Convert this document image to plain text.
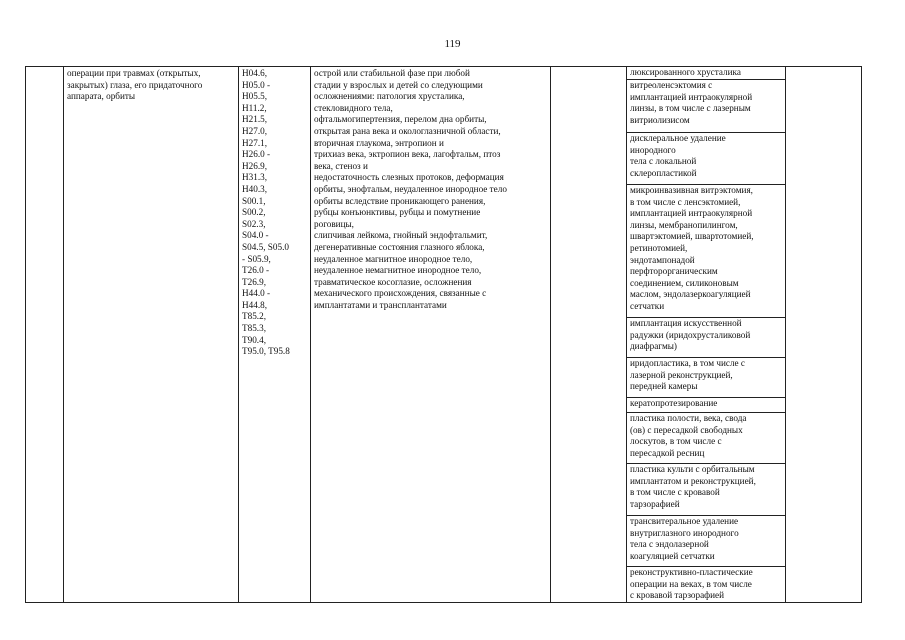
119
операции при травмах (открытых,
закрытых) глаза, его придаточного
аппарата, орбиты
H04.6,
H05.0 -
H05.5,
H11.2,
H21.5,
H27.0,
H27.1,
H26.0 -
H26.9,
H31.3,
H40.3,
S00.1,
S00.2,
S02.3,
S04.0 -
S04.5, S05.0
- S05.9,
T26.0 -
T26.9,
H44.0 -
H44.8,
T85.2,
T85.3,
T90.4,
T95.0, T95.8
острой или стабильной фазе при любой
стадии у взрослых и детей со следующими
осложнениями: патология хрусталика,
стекловидного тела,
офтальмогипертензия, перелом дна орбиты,
открытая рана века и окологлазничной области,
вторичная глаукома, энтропион и
трихиаз века, эктропион века, лагофтальм, птоз
века, стеноз и
недостаточность слезных протоков, деформация
орбиты, энофтальм, неудаленное инородное тело
орбиты вследствие проникающего ранения,
рубцы конъюнктивы, рубцы и помутнение
роговицы,
слипчивая лейкома, гнойный эндофтальмит,
дегенеративные состояния глазного яблока,
неудаленное магнитное инородное тело,
неудаленное немагнитное инородное тело,
травматическое косоглазие, осложнения
механического происхождения, связанные с
имплантатами и трансплантатами
люксированного хрусталика
витреоленсэктомия с
имплантацией интраокулярной
линзы, в том числе с лазерным
витриолизисом
дисклеральное удаление
инородного
тела с локальной
склеропластикой
микроинвазивная витрэктомия,
в том числе с ленсэктомией,
имплантацией интраокулярной
линзы, мембранопилингом,
швартэктомией, швартотомией,
ретинотомией,
эндотампонадой
перфторорганическим
соединением, силиконовым
маслом, эндолазеркоагуляцией
сетчатки
имплантация искусственной
радужки (иридохрусталиковой
диафрагмы)
иридопластика, в том числе с
лазерной реконструкцией,
передней камеры
кератопротезирование
пластика полости, века, свода
(ов) с пересадкой свободных
лоскутов, в том числе с
пересадкой ресниц
пластика культи с орбитальным
имплантатом и реконструкцией,
в том числе с кровавой
тарзорафией
трансвитеральное удаление
внутриглазного инородного
тела с эндолазерной
коагуляцией сетчатки
реконструктивно-пластические
операции на веках, в том числе
с кровавой тарзорафией
